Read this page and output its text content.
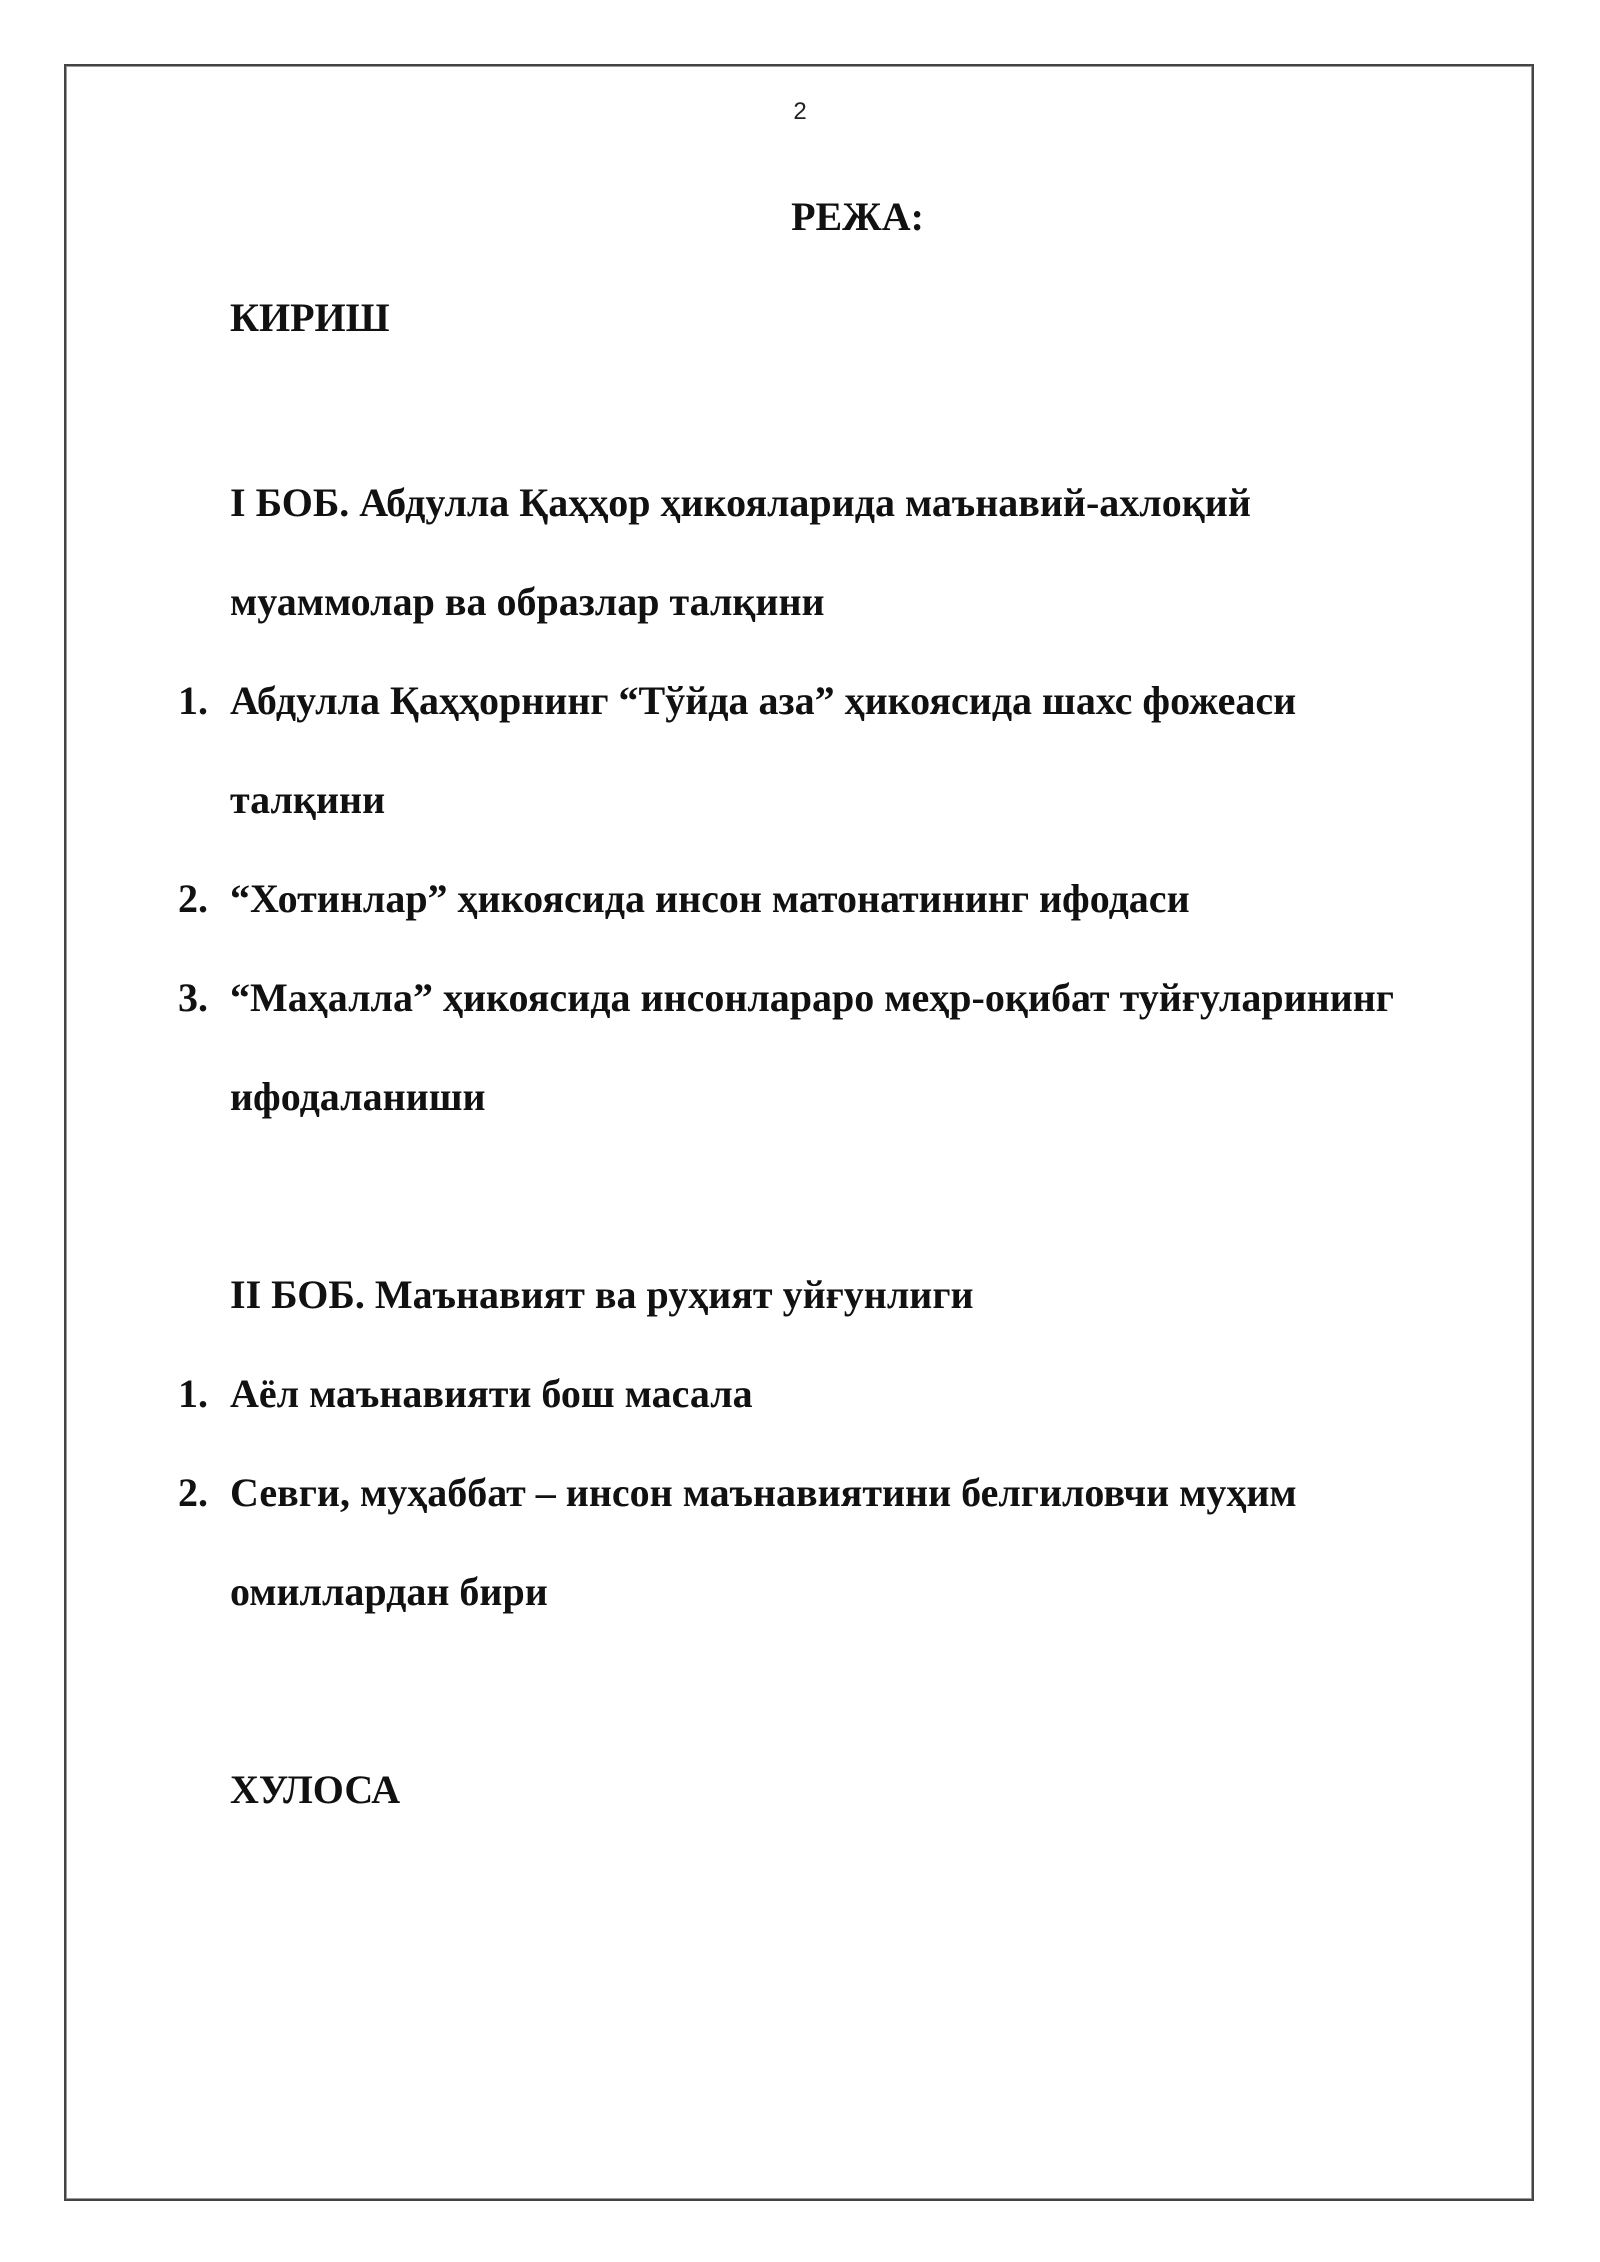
2
РЕЖА:
КИРИШ
I БОБ. Абдулла Қаҳҳор ҳикояларида маънавий-ахлоқий
муаммолар ва образлар талқини
1. Абдулла Қаҳҳорнинг “Тўйда аза” ҳикоясида шахс фожеаси
талқини
2. “Хотинлар” ҳикоясида инсон матонатининг ифодаси
3. “Маҳалла” ҳикоясида инсонлараро меҳр-оқибат туйғуларининг
ифодаланиши
II БОБ. Маънавият ва руҳият уйғунлиги
1. Аёл маънавияти бош масала
2. Севги, муҳаббат – инсон маънавиятини белгиловчи муҳим
омиллардан бири
ХУЛОСА
